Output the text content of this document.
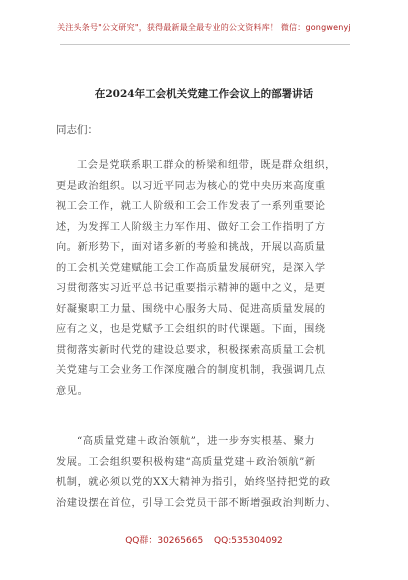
关注头条号"公文研究"，获得最新最全最专业的公文资料库！ 微信：gongwenyj
在2024年工会机关党建工作会议上的部署讲话
同志们：
工会是党联系职工群众的桥梁和纽带，既是群众组织，
更是政治组织。以习近平同志为核心的党中央历来高度重
视工会工作，就工人阶级和工会工作发表了一系列重要论
述，为发挥工人阶级主力军作用、做好工会工作指明了方
向。新形势下，面对诸多新的考验和挑战，开展以高质量
的工会机关党建赋能工会工作高质量发展研究，是深入学
习贯彻落实习近平总书记重要指示精神的题中之义，是更
好凝聚职工力量、围绕中心服务大局、促进高质量发展的
应有之义，也是党赋予工会组织的时代课题。下面，围绕
贯彻落实新时代党的建设总要求，积极探索高质量工会机
关党建与工会业务工作深度融合的制度机制，我强调几点
意见。
“高质量党建＋政治领航”，进一步夯实根基、聚力
发展。工会组织要积极构建“高质量党建＋政治领航”新
机制，就必须以党的XX大精神为指引，始终坚持把党的政
治建设摆在首位，引导工会党员干部不断增强政治判断力、
QQ群：30265665 QQ:535304092
